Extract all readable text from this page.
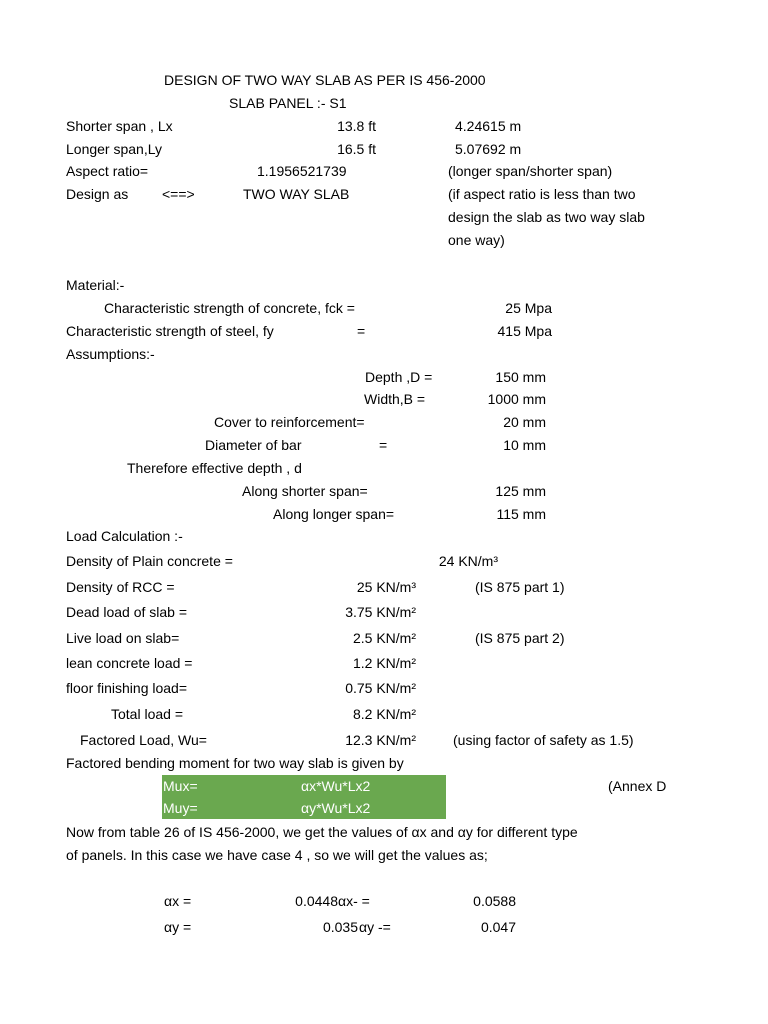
DESIGN OF TWO WAY SLAB AS PER IS 456-2000
SLAB PANEL :- S1
Shorter span , Lx	13.8 ft	4.24615 m
Longer span,Ly	16.5 ft	5.07692 m
Aspect ratio=	1.1956521739	(longer span/shorter span)
Design as <==>	TWO WAY SLAB	(if aspect ratio is less than two
design the slab as two way slab
one way)
Material:-
Characteristic strength of concrete, fck =	25 Mpa
Characteristic strength of steel, fy	=	415 Mpa
Assumptions:-
Depth ,D =	150 mm
Width,B =	1000 mm
Cover to reinforcement=	20 mm
Diameter of bar	=	10 mm
Therefore effective depth , d
Along shorter span=	125 mm
Along longer span=	115 mm
Load Calculation :-
Density of Plain concrete =	24 KN/m³
Density of RCC =	25 KN/m³	(IS 875 part 1)
Dead load of slab =	3.75 KN/m²
Live load on slab=	2.5 KN/m²	(IS 875 part 2)
lean concrete load =	1.2 KN/m²
floor finishing load=	0.75 KN/m²
Total load =	8.2 KN/m²
Factored Load, Wu=	12.3 KN/m²	(using factor of safety as 1.5)
Factored bending moment for two way slab is given by
Mux=	αx*Wu*Lx2	(Annex D
Muy=	αy*Wu*Lx2
Now from table 26 of IS 456-2000, we get the values of αx and αy for different type
of panels. In this case we have case 4 , so we will get the values as;
αx =	0.0448 αx- =	0.0588
αy =	0.035 αy -=	0.047
